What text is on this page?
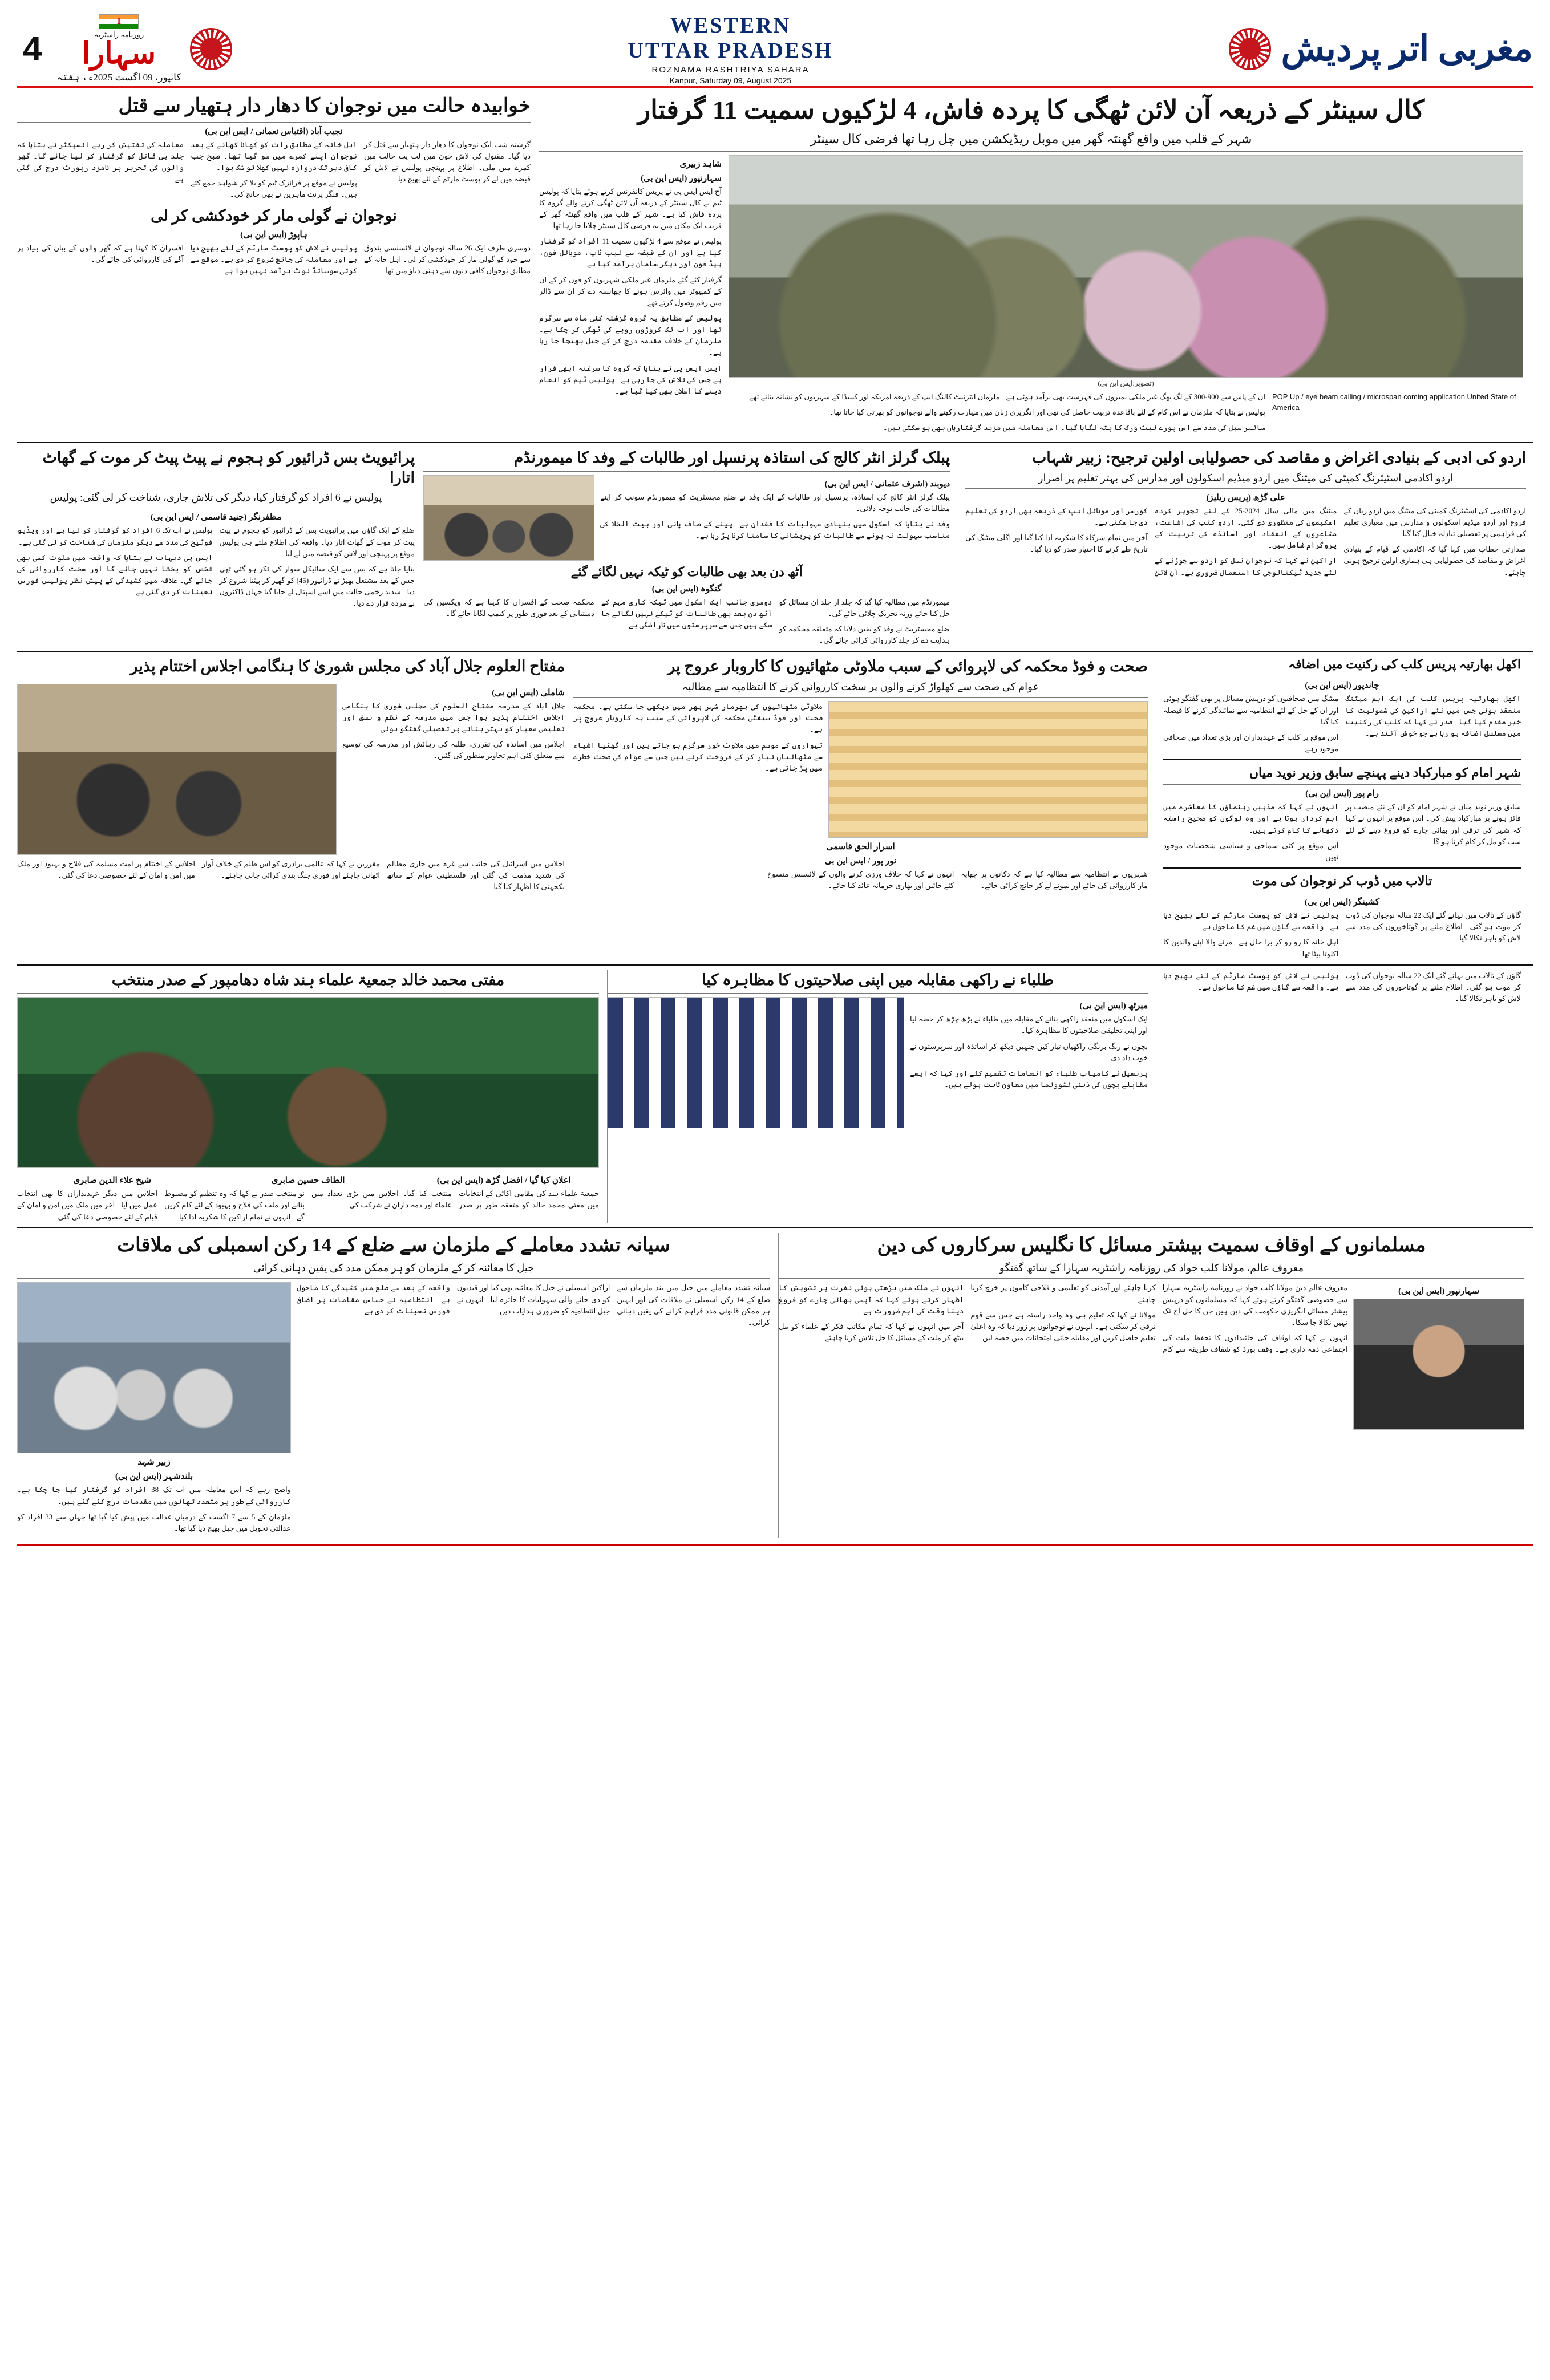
4
1	روزنامہ راشٹریہ
سہارا
کانپور، 09 اگست 2025ء، ہفتہ
WESTERN
UTTAR PRADESH
ROZNAMA RASHTRIYA SAHARA
Kanpur, Saturday 09, August 2025
مغربی اتر پردیش
خوابیدہ حالت میں نوجوان کا دھار دار ہتھیار سے قتل
نجیب آباد (اقتباس نعمانی / ایس این بی)

گزشتہ شب ایک نوجوان کا دھار دار ہتھیار سے قتل کر دیا گیا۔ مقتول کی لاش خون میں لت پت حالت میں کمرے میں ملی۔ اطلاع پر پہنچی پولیس نے لاش کو قبضہ میں لے کر پوسٹ مارٹم کے لئے بھیج دیا۔

اہل خانہ کے مطابق رات کو کھانا کھانے کے بعد نوجوان اپنے کمرے میں سو گیا تھا۔ صبح جب کافی دیر تک دروازہ نہیں کھلا تو شک ہوا۔

پولیس نے موقع پر فرانزک ٹیم کو بلا کر شواہد جمع کئے ہیں۔ فنگر پرنٹ ماہرین نے بھی جانچ کی۔

معاملہ کی تفتیش کر رہے انسپکٹر نے بتایا کہ جلد ہی قاتل کو گرفتار کر لیا جائے گا۔ گھر والوں کی تحریر پر نامزد رپورٹ درج کی گئی ہے۔

نوجوان نے گولی مار کر خودکشی کر لی
ہاپوڑ (ایس این بی)

دوسری طرف ایک 26 سالہ نوجوان نے لائسنسی بندوق سے خود کو گولی مار کر خودکشی کر لی۔ اہل خانہ کے مطابق نوجوان کافی دنوں سے ذہنی دباؤ میں تھا۔

پولیس نے لاش کو پوسٹ مارٹم کے لئے بھیج دیا ہے اور معاملہ کی جانچ شروع کر دی ہے۔ موقع سے کوئی سوسائڈ نوٹ برآمد نہیں ہوا ہے۔

افسران کا کہنا ہے کہ گھر والوں کے بیان کی بنیاد پر آگے کی کارروائی کی جائے گی۔

کال سینٹر کے ذریعہ آن لائن ٹھگی کا پردہ فاش، 4 لڑکیوں سمیت 11 گرفتار
شہر کے قلب میں واقع گھنٹہ گھر میں موبل ریڈیکشن میں چل رہا تھا فرضی کال سینٹر
شاہد زبیری
سہارنپور (ایس این بی)

آج ایس ایس پی نے پریس کانفرنس کرتے ہوئے بتایا کہ پولیس ٹیم نے کال سینٹر کے ذریعہ آن لائن ٹھگی کرنے والے گروہ کا پردہ فاش کیا ہے۔ شہر کے قلب میں واقع گھنٹہ گھر کے قریب ایک مکان میں یہ فرضی کال سینٹر چلایا جا رہا تھا۔

پولیس نے موقع سے 4 لڑکیوں سمیت 11 افراد کو گرفتار کیا ہے اور ان کے قبضہ سے لیپ ٹاپ، موبائل فون، ہیڈ فون اور دیگر سامان برآمد کیا ہے۔

گرفتار کئے گئے ملزمان غیر ملکی شہریوں کو فون کر کے ان کے کمپیوٹر میں وائرس ہونے کا جھانسہ دے کر ان سے ڈالر میں رقم وصول کرتے تھے۔

پولیس کے مطابق یہ گروہ گزشتہ کئی ماہ سے سرگرم تھا اور اب تک کروڑوں روپے کی ٹھگی کر چکا ہے۔ ملزمان کے خلاف مقدمہ درج کر کے جیل بھیجا جا رہا ہے۔

ایس ایس پی نے بتایا کہ گروہ کا سرغنہ ابھی فرار ہے جس کی تلاش کی جا رہی ہے۔ پولیس ٹیم کو انعام دینے کا اعلان بھی کیا گیا ہے۔

(تصویر:ایس این بی)

ان کے پاس سے 900-300 کے لگ بھگ غیر ملکی نمبروں کی فہرست بھی برآمد ہوئی ہے۔ ملزمان انٹرنیٹ کالنگ ایپ کے ذریعہ امریکہ اور کینیڈا کے شہریوں کو نشانہ بناتے تھے۔

پولیس نے بتایا کہ ملزمان نے اس کام کے لئے باقاعدہ تربیت حاصل کی تھی اور انگریزی زبان میں مہارت رکھنے والے نوجوانوں کو بھرتی کیا جاتا تھا۔

سائبر سیل کی مدد سے اس پورے نیٹ ورک کا پتہ لگایا گیا۔ اس معاملہ میں مزید گرفتاریاں بھی ہو سکتی ہیں۔

POP Up / eye beam calling / microspan coming application United State of America
پرائیویٹ بس ڈرائیور کو ہجوم نے پیٹ پیٹ کر موت کے گھاٹ اتارا
پولیس نے 6 افراد کو گرفتار کیا، دیگر کی تلاش جاری، شناخت کر لی گئی: پولیس
مظفرنگر (جنید قاسمی / ایس این بی)

ضلع کے ایک گاؤں میں پرائیویٹ بس کے ڈرائیور کو ہجوم نے پیٹ پیٹ کر موت کے گھاٹ اتار دیا۔ واقعہ کی اطلاع ملتے ہی پولیس موقع پر پہنچی اور لاش کو قبضہ میں لے لیا۔

بتایا جاتا ہے کہ بس سے ایک سائیکل سوار کی ٹکر ہو گئی تھی جس کے بعد مشتعل بھیڑ نے ڈرائیور (45) کو گھیر کر پیٹنا شروع کر دیا۔ شدید زخمی حالت میں اسے اسپتال لے جایا گیا جہاں ڈاکٹروں نے مردہ قرار دے دیا۔

پولیس نے اب تک 6 افراد کو گرفتار کر لیا ہے اور ویڈیو فوٹیج کی مدد سے دیگر ملزمان کی شناخت کر لی گئی ہے۔

ایس پی دیہات نے بتایا کہ واقعہ میں ملوث کسی بھی شخص کو بخشا نہیں جائے گا اور سخت کارروائی کی جائے گی۔ علاقہ میں کشیدگی کے پیش نظر پولیس فورس تعینات کر دی گئی ہے۔

پبلک گرلز انٹر کالج کی استاذہ پرنسپل اور طالبات کے وفد کا میمورنڈم
دیوبند (اشرف عثمانی / ایس این بی)

پبلک گرلز انٹر کالج کی استاذہ، پرنسپل اور طالبات کے ایک وفد نے ضلع مجسٹریٹ کو میمورنڈم سونپ کر اپنے مطالبات کی جانب توجہ دلائی۔

وفد نے بتایا کہ اسکول میں بنیادی سہولیات کا فقدان ہے۔ پینے کے صاف پانی اور بیت الخلا کی مناسب سہولت نہ ہونے سے طالبات کو پریشانی کا سامنا کرنا پڑ رہا ہے۔

آٹھ دن بعد بھی طالبات کو ٹیکہ نہیں لگائے گئے
گنگوہ (ایس این بی)

میمورنڈم میں مطالبہ کیا گیا کہ جلد از جلد ان مسائل کو حل کیا جائے ورنہ تحریک چلائی جائے گی۔

ضلع مجسٹریٹ نے وفد کو یقین دلایا کہ متعلقہ محکمہ کو ہدایت دے کر جلد کارروائی کرائی جائے گی۔

دوسری جانب ایک اسکول میں ٹیکہ کاری مہم کے آٹھ دن بعد بھی طالبات کو ٹیکے نہیں لگائے جا سکے ہیں جس سے سرپرستوں میں ناراضگی ہے۔

محکمہ صحت کے افسران کا کہنا ہے کہ ویکسین کی دستیابی کے بعد فوری طور پر کیمپ لگایا جائے گا۔

اردو کی ادبی کے بنیادی اغراض و مقاصد کی حصولیابی اولین ترجیح: زبیر شہاب
اردو اکادمی اسٹیئرنگ کمیٹی کی میٹنگ میں اردو میڈیم اسکولوں اور مدارس کی بہتر تعلیم پر اصرار
علی گڑھ (پریس ریلیز)

اردو اکادمی کی اسٹیئرنگ کمیٹی کی میٹنگ میں اردو زبان کے فروغ اور اردو میڈیم اسکولوں و مدارس میں معیاری تعلیم کی فراہمی پر تفصیلی تبادلہ خیال کیا گیا۔

صدارتی خطاب میں کہا گیا کہ اکادمی کے قیام کے بنیادی اغراض و مقاصد کی حصولیابی ہی ہماری اولین ترجیح ہونی چاہئے۔

میٹنگ میں مالی سال 2024-25 کے لئے تجویز کردہ اسکیموں کی منظوری دی گئی۔ اردو کتب کی اشاعت، مشاعروں کے انعقاد اور اساتذہ کی تربیت کے پروگرام شامل ہیں۔

اراکین نے کہا کہ نوجوان نسل کو اردو سے جوڑنے کے لئے جدید ٹیکنالوجی کا استعمال ضروری ہے۔ آن لائن کورسز اور موبائل ایپ کے ذریعہ بھی اردو کی تعلیم دی جا سکتی ہے۔

آخر میں تمام شرکاء کا شکریہ ادا کیا گیا اور اگلی میٹنگ کی تاریخ طے کرنے کا اختیار صدر کو دیا گیا۔

مفتاح العلوم جلال آباد کی مجلس شوریٰ کا ہنگامی اجلاس اختتام پذیر
شاملی (ایس این بی)

جلال آباد کے مدرسہ مفتاح العلوم کی مجلس شوریٰ کا ہنگامی اجلاس اختتام پذیر ہوا جس میں مدرسہ کے نظم و نسق اور تعلیمی معیار کو بہتر بنانے پر تفصیلی گفتگو ہوئی۔

اجلاس میں اساتذہ کی تقرری، طلبہ کی رہائش اور مدرسہ کی توسیع سے متعلق کئی اہم تجاویز منظور کی گئیں۔

اجلاس میں اسرائیل کی جانب سے غزہ میں جاری مظالم کی شدید مذمت کی گئی اور فلسطینی عوام کے ساتھ یکجہتی کا اظہار کیا گیا۔

مقررین نے کہا کہ عالمی برادری کو اس ظلم کے خلاف آواز اٹھانی چاہئے اور فوری جنگ بندی کرائی جانی چاہئے۔

اجلاس کے اختتام پر امت مسلمہ کی فلاح و بہبود اور ملک میں امن و امان کے لئے خصوصی دعا کی گئی۔

صحت و فوڈ محکمہ کی لاپروائی کے سبب ملاوٹی مٹھائیوں کا کاروبار عروج پر
عوام کی صحت سے کھلواڑ کرنے والوں پر سخت کارروائی کرنے کا انتظامیہ سے مطالبہ

ملاوٹی مٹھائیوں کی بھرمار شہر بھر میں دیکھی جا سکتی ہے۔ محکمہ صحت اور فوڈ سیفٹی محکمہ کی لاپروائی کے سبب یہ کاروبار عروج پر ہے۔

تہواروں کے موسم میں ملاوٹ خور سرگرم ہو جاتے ہیں اور گھٹیا اشیاء سے مٹھائیاں تیار کر کے فروخت کرتے ہیں جس سے عوام کی صحت خطرے میں پڑ جاتی ہے۔

اسرار الحق قاسمی
نور پور / ایس این بی

شہریوں نے انتظامیہ سے مطالبہ کیا ہے کہ دکانوں پر چھاپہ مار کارروائی کی جائے اور نمونے لے کر جانچ کرائی جائے۔

انہوں نے کہا کہ خلاف ورزی کرنے والوں کے لائسنس منسوخ کئے جائیں اور بھاری جرمانہ عائد کیا جائے۔

اکھل بھارتیہ پریس کلب کی رکنیت میں اضافہ
چاندپور (ایس این بی)

اکھل بھارتیہ پریس کلب کی ایک اہم میٹنگ منعقد ہوئی جس میں نئے اراکین کی شمولیت کا خیر مقدم کیا گیا۔ صدر نے کہا کہ کلب کی رکنیت میں مسلسل اضافہ ہو رہا ہے جو خوش آئند ہے۔

میٹنگ میں صحافیوں کو درپیش مسائل پر بھی گفتگو ہوئی اور ان کے حل کے لئے انتظامیہ سے نمائندگی کرنے کا فیصلہ کیا گیا۔

اس موقع پر کلب کے عہدیداران اور بڑی تعداد میں صحافی موجود رہے۔

شہر امام کو مبارکباد دینے پہنچے سابق وزیر نوید میاں
رام پور (ایس این بی)

سابق وزیر نوید میاں نے شہر امام کو ان کے نئے منصب پر فائز ہونے پر مبارکباد پیش کی۔ اس موقع پر انہوں نے کہا کہ شہر کی ترقی اور بھائی چارے کو فروغ دینے کے لئے سب کو مل کر کام کرنا ہو گا۔

انہوں نے کہا کہ مذہبی رہنماؤں کا معاشرے میں اہم کردار ہوتا ہے اور وہ لوگوں کو صحیح راستہ دکھانے کا کام کرتے ہیں۔

اس موقع پر کئی سماجی و سیاسی شخصیات موجود تھیں۔

تالاب میں ڈوب کر نوجوان کی موت
کشینگر (ایس این بی)

گاؤں کے تالاب میں نہانے گئے ایک 22 سالہ نوجوان کی ڈوب کر موت ہو گئی۔ اطلاع ملنے پر گوتاخوروں کی مدد سے لاش کو باہر نکالا گیا۔

پولیس نے لاش کو پوسٹ مارٹم کے لئے بھیج دیا ہے۔ واقعہ سے گاؤں میں غم کا ماحول ہے۔

اہل خانہ کا رو رو کر برا حال ہے۔ مرنے والا اپنے والدین کا اکلوتا بیٹا تھا۔

مفتی محمد خالد جمعیۃ علماء ہند شاہ دھامپور کے صدر منتخب
شیخ علاء الدین صابری	الطاف حسین صابری	اعلان کیا گیا / افضل گڑھ (ایس این بی)

جمعیۃ علماء ہند کی مقامی اکائی کے انتخابات میں مفتی محمد خالد کو متفقہ طور پر صدر منتخب کیا گیا۔ اجلاس میں بڑی تعداد میں علماء اور ذمہ داران نے شرکت کی۔

نو منتخب صدر نے کہا کہ وہ تنظیم کو مضبوط بنانے اور ملت کی فلاح و بہبود کے لئے کام کریں گے۔ انہوں نے تمام اراکین کا شکریہ ادا کیا۔

اجلاس میں دیگر عہدیداران کا بھی انتخاب عمل میں آیا۔ آخر میں ملک میں امن و امان کے قیام کے لئے خصوصی دعا کی گئی۔

طلباء نے راکھی مقابلہ میں اپنی صلاحیتوں کا مظاہرہ کیا
میرٹھ (ایس این بی)

ایک اسکول میں منعقد راکھی بنانے کے مقابلہ میں طلباء نے بڑھ چڑھ کر حصہ لیا اور اپنی تخلیقی صلاحیتوں کا مظاہرہ کیا۔

بچوں نے رنگ برنگی راکھیاں تیار کیں جنہیں دیکھ کر اساتذہ اور سرپرستوں نے خوب داد دی۔

پرنسپل نے کامیاب طلباء کو انعامات تقسیم کئے اور کہا کہ ایسے مقابلے بچوں کی ذہنی نشوونما میں معاون ثابت ہوتے ہیں۔

گاؤں کے تالاب میں نہانے گئے ایک 22 سالہ نوجوان کی ڈوب کر موت ہو گئی۔ اطلاع ملنے پر گوتاخوروں کی مدد سے لاش کو باہر نکالا گیا۔

پولیس نے لاش کو پوسٹ مارٹم کے لئے بھیج دیا ہے۔ واقعہ سے گاؤں میں غم کا ماحول ہے۔

سیانہ تشدد معاملے کے ملزمان سے ضلع کے 14 رکن اسمبلی کی ملاقات
جیل کا معائنہ کر کے ملزمان کو ہر ممکن مدد کی یقین دہانی کرائی
زبیر شہد
بلندشہر (ایس این بی)

واضح رہے کہ اس معاملہ میں اب تک 38 افراد کو گرفتار کیا جا چکا ہے۔ کارروائی کے طور پر متعدد تھانوں میں مقدمات درج کئے گئے ہیں۔

ملزمان کے 5 سے 7 اگست کے درمیان عدالت میں پیش کیا گیا تھا جہاں سے 33 افراد کو عدالتی تحویل میں جیل بھیج دیا گیا تھا۔

سیانہ تشدد معاملے میں جیل میں بند ملزمان سے ضلع کے 14 رکن اسمبلی نے ملاقات کی اور انہیں ہر ممکن قانونی مدد فراہم کرانے کی یقین دہانی کرائی۔

اراکین اسمبلی نے جیل کا معائنہ بھی کیا اور قیدیوں کو دی جانے والی سہولیات کا جائزہ لیا۔ انہوں نے جیل انتظامیہ کو ضروری ہدایات دیں۔

واقعہ کے بعد سے ضلع میں کشیدگی کا ماحول ہے۔ انتظامیہ نے حساس مقامات پر اضافی فورس تعینات کر دی ہے۔

مسلمانوں کے اوقاف سمیت بیشتر مسائل کا نگلیس سرکاروں کی دین
معروف عالم، مولانا کلب جواد کی روزنامہ راشٹریہ سہارا کے ساتھ گفتگو

معروف عالم دین مولانا کلب جواد نے روزنامہ راشٹریہ سہارا سے خصوصی گفتگو کرتے ہوئے کہا کہ مسلمانوں کو درپیش بیشتر مسائل انگریزی حکومت کی دین ہیں جن کا حل آج تک نہیں نکالا جا سکا۔

انہوں نے کہا کہ اوقاف کی جائیدادوں کا تحفظ ملت کی اجتماعی ذمہ داری ہے۔ وقف بورڈ کو شفاف طریقہ سے کام کرنا چاہئے اور آمدنی کو تعلیمی و فلاحی کاموں پر خرچ کرنا چاہئے۔

مولانا نے کہا کہ تعلیم ہی وہ واحد راستہ ہے جس سے قوم ترقی کر سکتی ہے۔ انہوں نے نوجوانوں پر زور دیا کہ وہ اعلیٰ تعلیم حاصل کریں اور مقابلہ جاتی امتحانات میں حصہ لیں۔

انہوں نے ملک میں بڑھتی ہوئی نفرت پر تشویش کا اظہار کرتے ہوئے کہا کہ آپسی بھائی چارے کو فروغ دینا وقت کی اہم ضرورت ہے۔

آخر میں انہوں نے کہا کہ تمام مکاتب فکر کے علماء کو مل بیٹھ کر ملت کے مسائل کا حل تلاش کرنا چاہئے۔

سہارنپور (ایس این بی)
